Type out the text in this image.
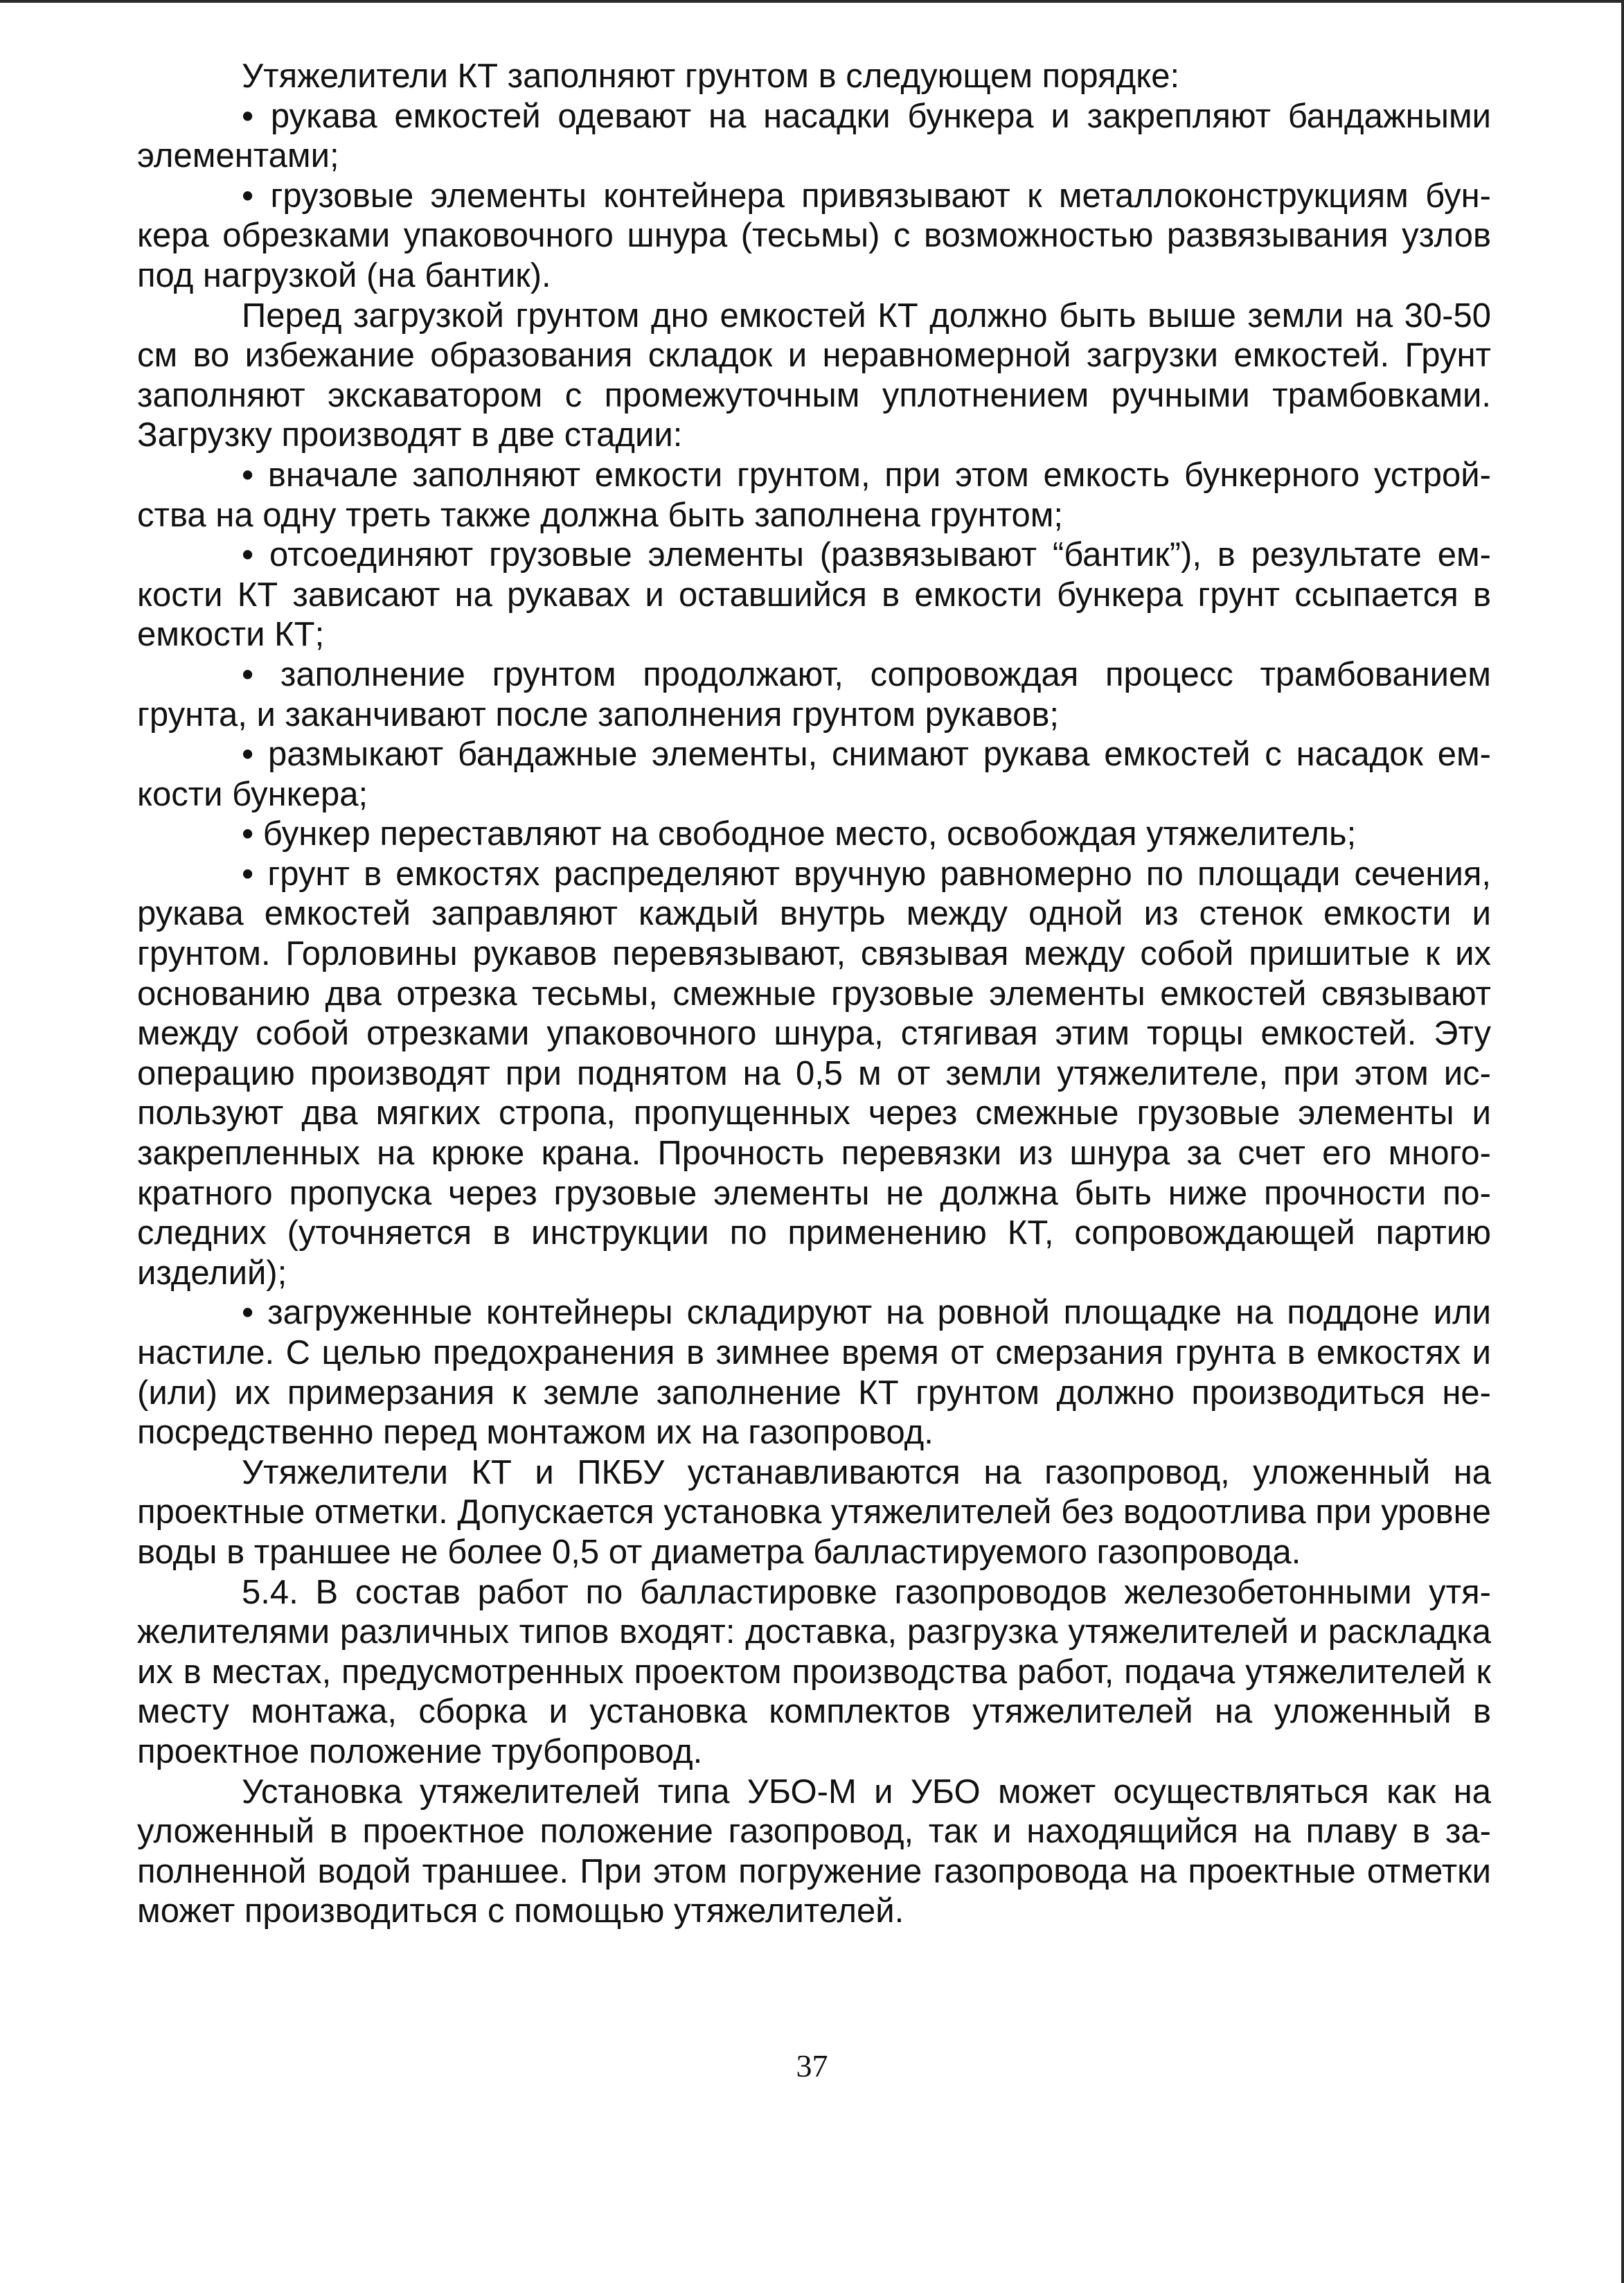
Утяжелители КТ заполняют грунтом в следующем порядке:

• рукава емкостей одевают на насадки бункера и закрепляют бандажными элементами;

• грузовые элементы контейнера привязывают к металлоконструкциям бункера обрезками упаковочного шнура (тесьмы) с возможностью развязывания узлов под нагрузкой (на бантик).

Перед загрузкой грунтом дно емкостей КТ должно быть выше земли на 30-50 см во избежание образования складок и неравномерной загрузки емкостей. Грунт заполняют экскаватором с промежуточным уплотнением ручными трамбовками. Загрузку производят в две стадии:

• вначале заполняют емкости грунтом, при этом емкость бункерного устройства на одну треть также должна быть заполнена грунтом;

• отсоединяют грузовые элементы (развязывают “бантик”), в результате емкости КТ зависают на рукавах и оставшийся в емкости бункера грунт ссыпается в емкости КТ;

• заполнение грунтом продолжают, сопровождая процесс трамбованием грунта, и заканчивают после заполнения грунтом рукавов;

• размыкают бандажные элементы, снимают рукава емкостей с насадок емкости бункера;

• бункер переставляют на свободное место, освобождая утяжелитель;

• грунт в емкостях распределяют вручную равномерно по площади сечения, рукава емкостей заправляют каждый внутрь между одной из стенок емкости и грунтом. Горловины рукавов перевязывают, связывая между собой пришитые к их основанию два отрезка тесьмы, смежные грузовые элементы емкостей связывают между собой отрезками упаковочного шнура, стягивая этим торцы емкостей. Эту операцию производят при поднятом на 0,5 м от земли утяжелителе, при этом используют два мягких стропа, пропущенных через смежные грузовые элементы и закрепленных на крюке крана. Прочность перевязки из шнура за счет его многократного пропуска через грузовые элементы не должна быть ниже прочности последних (уточняется в инструкции по применению КТ, сопровождающей партию изделий);

• загруженные контейнеры складируют на ровной площадке на поддоне или настиле. С целью предохранения в зимнее время от смерзания грунта в емкостях и (или) их примерзания к земле заполнение КТ грунтом должно производиться непосредственно перед монтажом их на газопровод.

Утяжелители КТ и ПКБУ устанавливаются на газопровод, уложенный на проектные отметки. Допускается установка утяжелителей без водоотлива при уровне воды в траншее не более 0,5 от диаметра балластируемого газопровода.

5.4. В состав работ по балластировке газопроводов железобетонными утяжелителями различных типов входят: доставка, разгрузка утяжелителей и раскладка их в местах, предусмотренных проектом производства работ, подача утяжелителей к месту монтажа, сборка и установка комплектов утяжелителей на уложенный в проектное положение трубопровод.

Установка утяжелителей типа УБО-М и УБО может осуществляться как на уложенный в проектное положение газопровод, так и находящийся на плаву в заполненной водой траншее. При этом погружение газопровода на проектные отметки может производиться с помощью утяжелителей.

37
